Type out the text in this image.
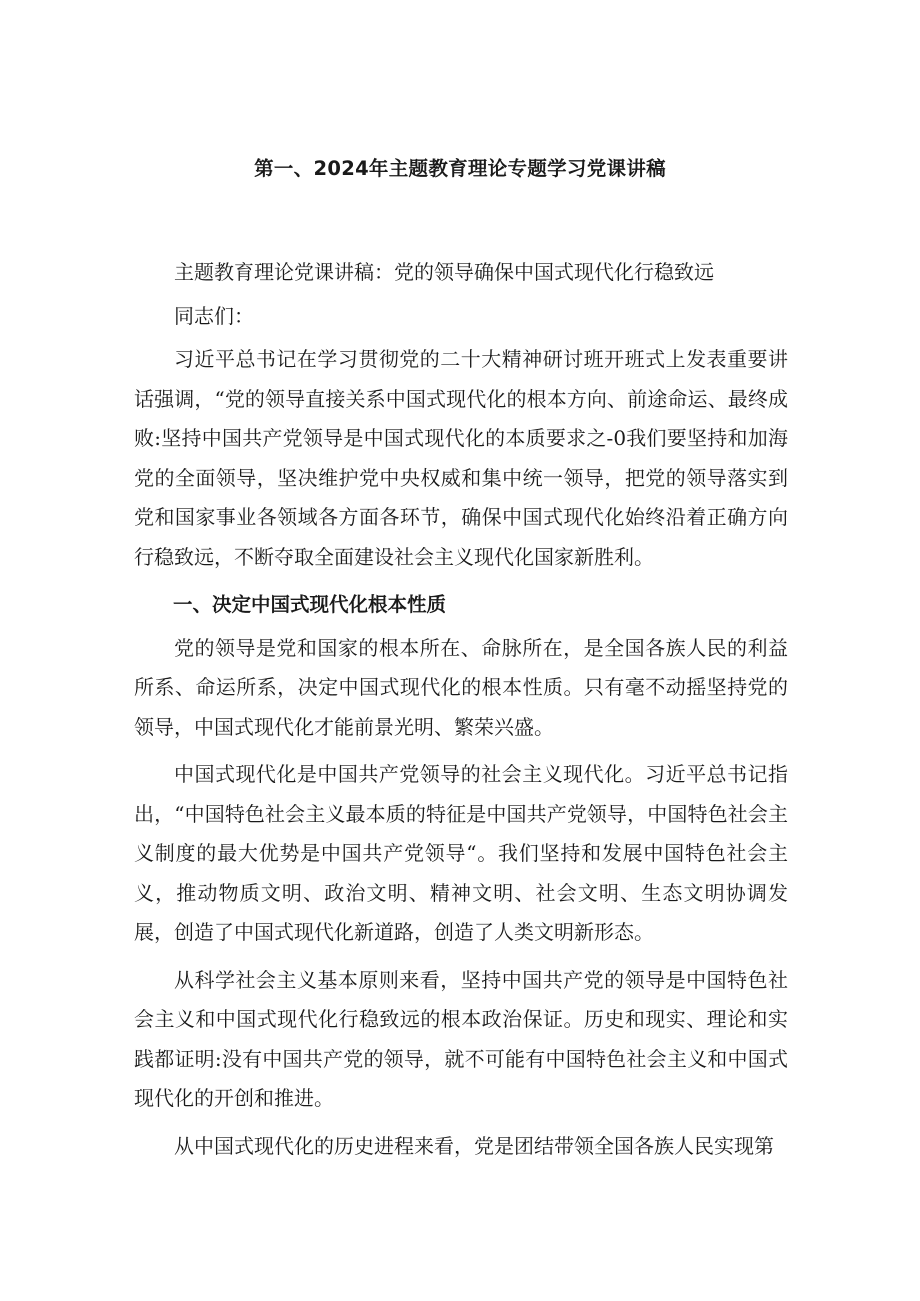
第一、2024年主题教育理论专题学习党课讲稿

主题教育理论党课讲稿：党的领导确保中国式现代化行稳致远

同志们：

习近平总书记在学习贯彻党的二十大精神研讨班开班式上发表重要讲话强调，“党的领导直接关系中国式现代化的根本方向、前途命运、最终成败:坚持中国共产党领导是中国式现代化的本质要求之-0我们要坚持和加海党的全面领导，坚决维护党中央权威和集中统一领导，把党的领导落实到党和国家事业各领域各方面各环节，确保中国式现代化始终沿着正确方向行稳致远，不断夺取全面建设社会主义现代化国家新胜利。

一、决定中国式现代化根本性质

党的领导是党和国家的根本所在、命脉所在，是全国各族人民的利益所系、命运所系，决定中国式现代化的根本性质。只有毫不动摇坚持党的领导，中国式现代化才能前景光明、繁荣兴盛。

中国式现代化是中国共产党领导的社会主义现代化。习近平总书记指出，“中国特色社会主义最本质的特征是中国共产党领导，中国特色社会主义制度的最大优势是中国共产党领导“。我们坚持和发展中国特色社会主义，推动物质文明、政治文明、精神文明、社会文明、生态文明协调发展，创造了中国式现代化新道路，创造了人类文明新形态。

从科学社会主义基本原则来看，坚持中国共产党的领导是中国特色社会主义和中国式现代化行稳致远的根本政治保证。历史和现实、理论和实践都证明:没有中国共产党的领导，就不可能有中国特色社会主义和中国式现代化的开创和推进。

从中国式现代化的历史进程来看，党是团结带领全国各族人民实现第
